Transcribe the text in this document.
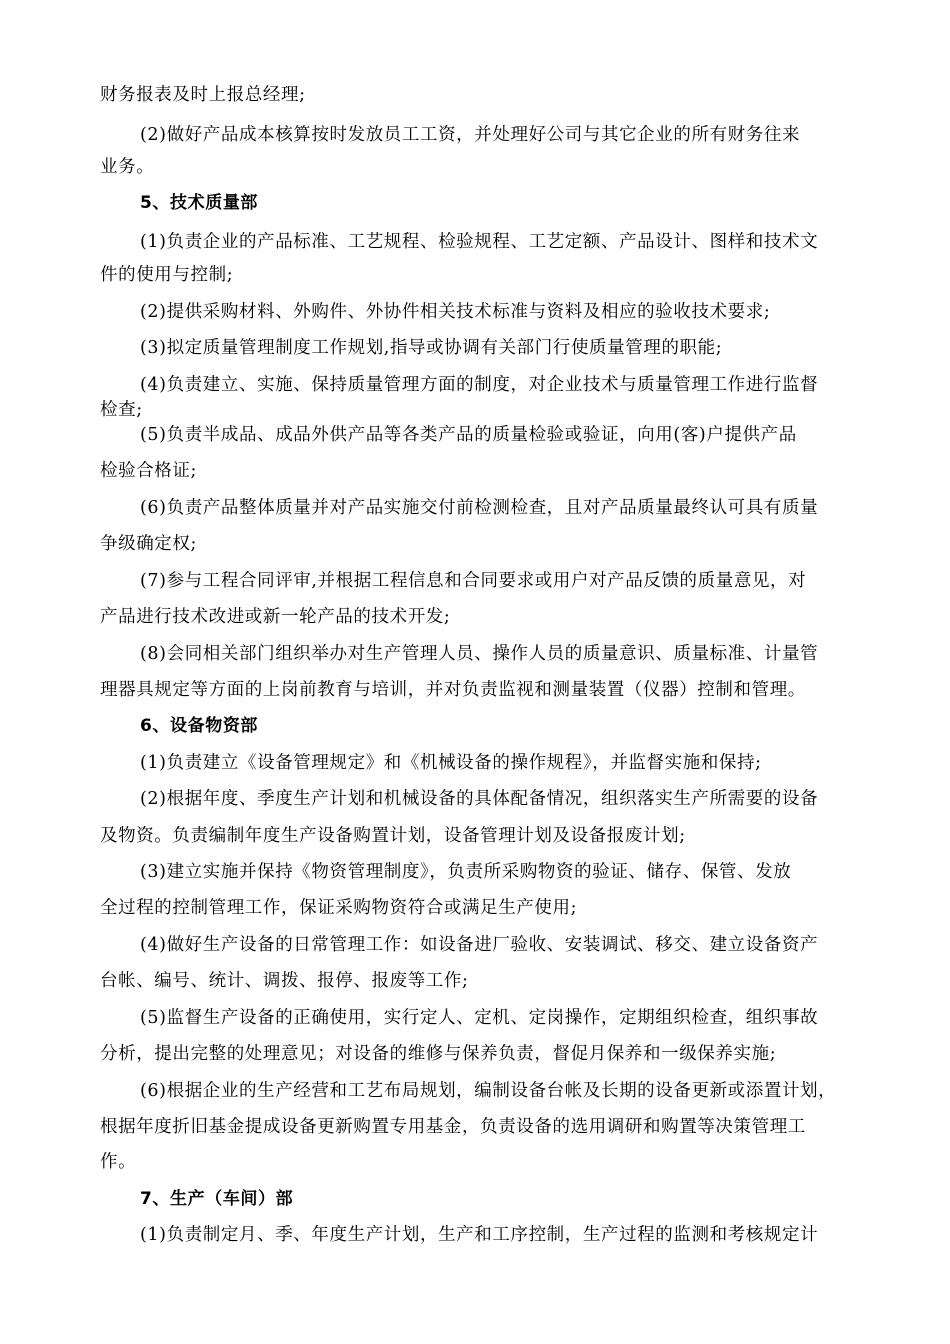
财务报表及时上报总经理;
(2)做好产品成本核算按时发放员工工资，并处理好公司与其它企业的所有财务往来
业务。
5、技术质量部
(1)负责企业的产品标准、工艺规程、检验规程、工艺定额、产品设计、图样和技术文
件的使用与控制;
(2)提供采购材料、外购件、外协件相关技术标准与资料及相应的验收技术要求;
(3)拟定质量管理制度工作规划,指导或协调有关部门行使质量管理的职能;
(4)负责建立、实施、保持质量管理方面的制度，对企业技术与质量管理工作进行监督
检查;
(5)负责半成品、成品外供产品等各类产品的质量检验或验证，向用(客)户提供产品
检验合格证;
(6)负责产品整体质量并对产品实施交付前检测检查，且对产品质量最终认可具有质量
争级确定权;
(7)参与工程合同评审,并根据工程信息和合同要求或用户对产品反馈的质量意见，对
产品进行技术改进或新一轮产品的技术开发;
(8)会同相关部门组织举办对生产管理人员、操作人员的质量意识、质量标准、计量管
理器具规定等方面的上岗前教育与培训，并对负责监视和测量装置（仪器）控制和管理。
6、设备物资部
(1)负责建立《设备管理规定》和《机械设备的操作规程》，并监督实施和保持;
(2)根据年度、季度生产计划和机械设备的具体配备情况，组织落实生产所需要的设备
及物资。负责编制年度生产设备购置计划，设备管理计划及设备报废计划;
(3)建立实施并保持《物资管理制度》，负责所采购物资的验证、储存、保管、发放
全过程的控制管理工作，保证采购物资符合或满足生产使用;
(4)做好生产设备的日常管理工作：如设备进厂验收、安装调试、移交、建立设备资产
台帐、编号、统计、调拨、报停、报废等工作;
(5)监督生产设备的正确使用，实行定人、定机、定岗操作，定期组织检查，组织事故
分析，提出完整的处理意见；对设备的维修与保养负责，督促月保养和一级保养实施;
(6)根据企业的生产经营和工艺布局规划，编制设备台帐及长期的设备更新或添置计划，
根据年度折旧基金提成设备更新购置专用基金，负责设备的选用调研和购置等决策管理工
作。
7、生产（车间）部
(1)负责制定月、季、年度生产计划，生产和工序控制，生产过程的监测和考核规定计
